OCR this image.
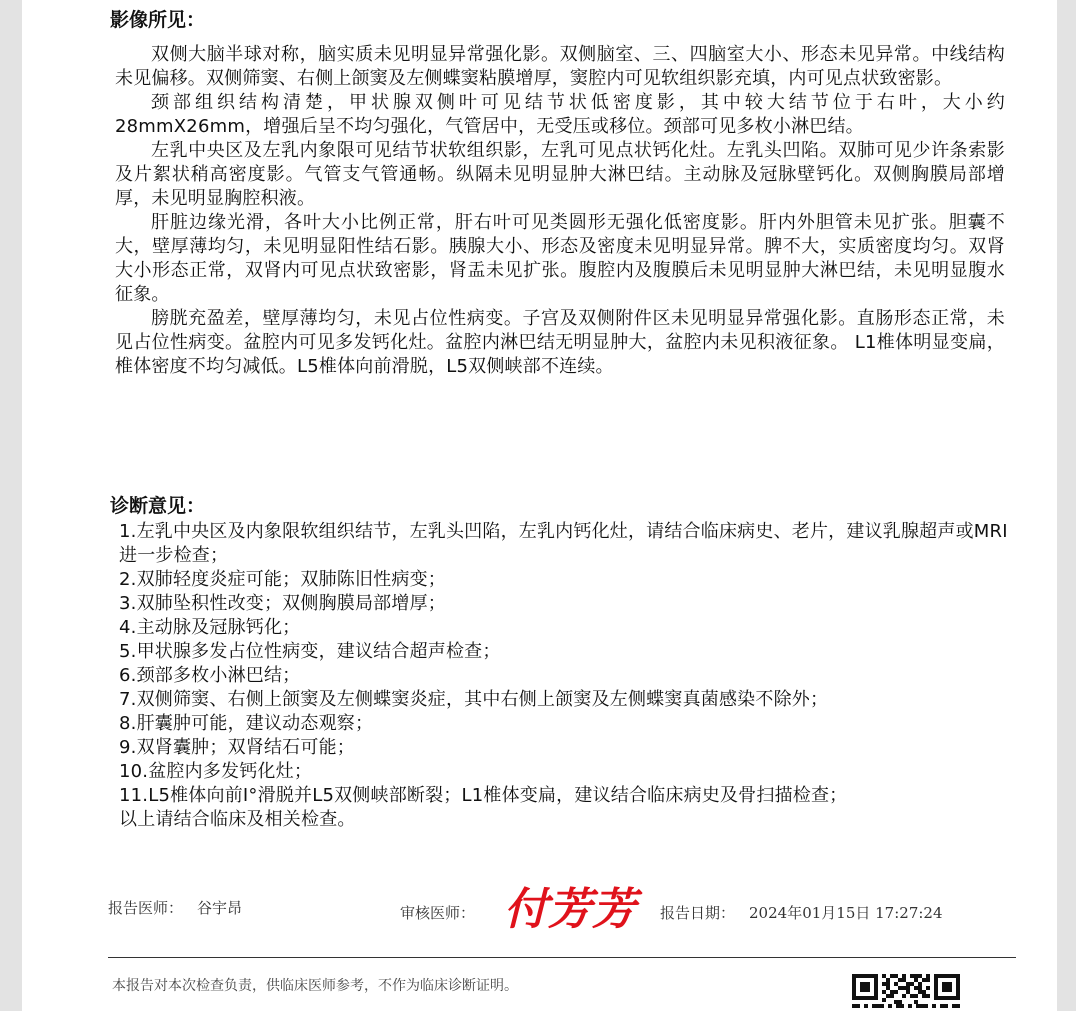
影像所见：

双侧大脑半球对称，脑实质未见明显异常强化影。双侧脑室、三、四脑室大小、形态未见异常。中线结构未见偏移。双侧筛窦、右侧上颌窦及左侧蝶窦粘膜增厚，窦腔内可见软组织影充填，内可见点状致密影。

颈部组织结构清楚，甲状腺双侧叶可见结节状低密度影，其中较大结节位于右叶，大小约28mmX26mm，增强后呈不均匀强化，气管居中，无受压或移位。颈部可见多枚小淋巴结。

左乳中央区及左乳内象限可见结节状软组织影，左乳可见点状钙化灶。左乳头凹陷。双肺可见少许条索影及片絮状稍高密度影。气管支气管通畅。纵隔未见明显肿大淋巴结。主动脉及冠脉壁钙化。双侧胸膜局部增厚，未见明显胸腔积液。

肝脏边缘光滑，各叶大小比例正常，肝右叶可见类圆形无强化低密度影。肝内外胆管未见扩张。胆囊不大，壁厚薄均匀，未见明显阳性结石影。胰腺大小、形态及密度未见明显异常。脾不大，实质密度均匀。双肾大小形态正常，双肾内可见点状致密影，肾盂未见扩张。腹腔内及腹膜后未见明显肿大淋巴结，未见明显腹水征象。

膀胱充盈差，壁厚薄均匀，未见占位性病变。子宫及双侧附件区未见明显异常强化影。直肠形态正常，未见占位性病变。盆腔内可见多发钙化灶。盆腔内淋巴结无明显肿大，盆腔内未见积液征象。 L1椎体明显变扁，椎体密度不均匀减低。L5椎体向前滑脱，L5双侧峡部不连续。

诊断意见：
1.左乳中央区及内象限软组织结节，左乳头凹陷，左乳内钙化灶，请结合临床病史、老片，建议乳腺超声或MRI进一步检查；
2.双肺轻度炎症可能；双肺陈旧性病变；
3.双肺坠积性改变；双侧胸膜局部增厚；
4.主动脉及冠脉钙化；
5.甲状腺多发占位性病变，建议结合超声检查；
6.颈部多枚小淋巴结；
7.双侧筛窦、右侧上颌窦及左侧蝶窦炎症，其中右侧上颌窦及左侧蝶窦真菌感染不除外；
8.肝囊肿可能，建议动态观察；
9.双肾囊肿；双肾结石可能；
10.盆腔内多发钙化灶；
11.L5椎体向前I°滑脱并L5双侧峡部断裂；L1椎体变扁，建议结合临床病史及骨扫描检查；
以上请结合临床及相关检查。
报告医师： 谷宇昂	审核医师： 付芳芳	报告日期： 2024年01月15日 17:27:24
本报告对本次检查负责，供临床医师参考，不作为临床诊断证明。
